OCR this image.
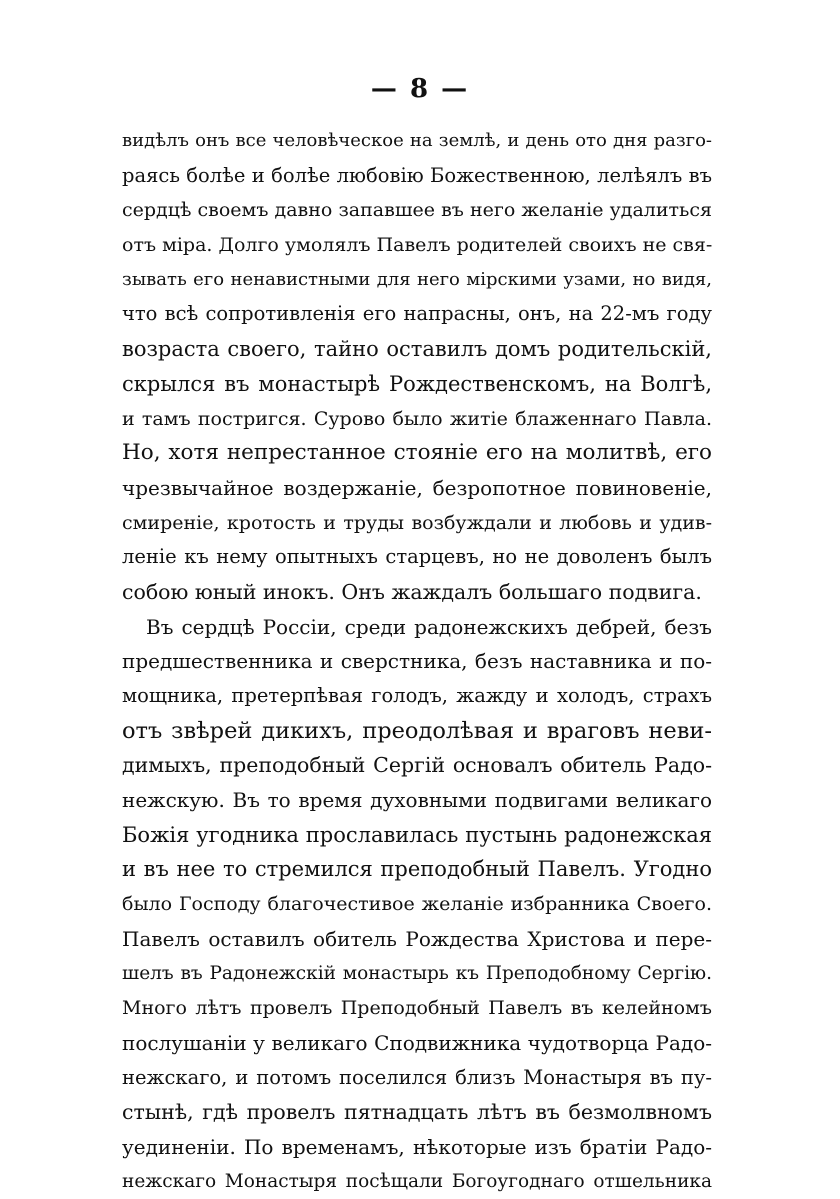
— 8 —
видѣлъ онъ все человѣческое на землѣ, и день ото дня разго-
раясь болѣе и болѣе любовію Божественною, лелѣялъ въ
сердцѣ своемъ давно запавшее въ него желаніе удалиться
отъ міра. Долго умолялъ Павелъ родителей своихъ не свя-
зывать его ненавистными для него мірскими узами, но видя,
что всѣ сопротивленія его напрасны, онъ, на 22-мъ году
возраста своего, тайно оставилъ домъ родительскій,
скрылся въ монастырѣ Рождественскомъ, на Волгѣ,
и тамъ постригся. Сурово было житіе блаженнаго Павла.
Но, хотя непрестанное стояніе его на молитвѣ, его
чрезвычайное воздержаніе, безропотное повиновеніе,
смиреніе, кротость и труды возбуждали и любовь и удив-
леніе къ нему опытныхъ старцевъ, но не доволенъ былъ
собою юный инокъ. Онъ жаждалъ большаго подвига.
Въ сердцѣ Россіи, среди радонежскихъ дебрей, безъ
предшественника и сверстника, безъ наставника и по-
мощника, претерпѣвая голодъ, жажду и холодъ, страхъ
отъ звѣрей дикихъ, преодолѣвая и враговъ неви-
димыхъ, преподобный Сергій основалъ обитель Радо-
нежскую. Въ то время духовными подвигами великаго
Божія угодника прославилась пустынь радонежская
и въ нее то стремился преподобный Павелъ. Угодно
было Господу благочестивое желаніе избранника Своего.
Павелъ оставилъ обитель Рождества Христова и пере-
шелъ въ Радонежскій монастырь къ Преподобному Сергію.
Много лѣтъ провелъ Преподобный Павелъ въ келейномъ
послушаніи у великаго Сподвижника чудотворца Радо-
нежскаго, и потомъ поселился близъ Монастыря въ пу-
стынѣ, гдѣ провелъ пятнадцать лѣтъ въ безмолвномъ
уединеніи. По временамъ, нѣкоторые изъ братіи Радо-
нежскаго Монастыря посѣщали Богоугоднаго отшельника
